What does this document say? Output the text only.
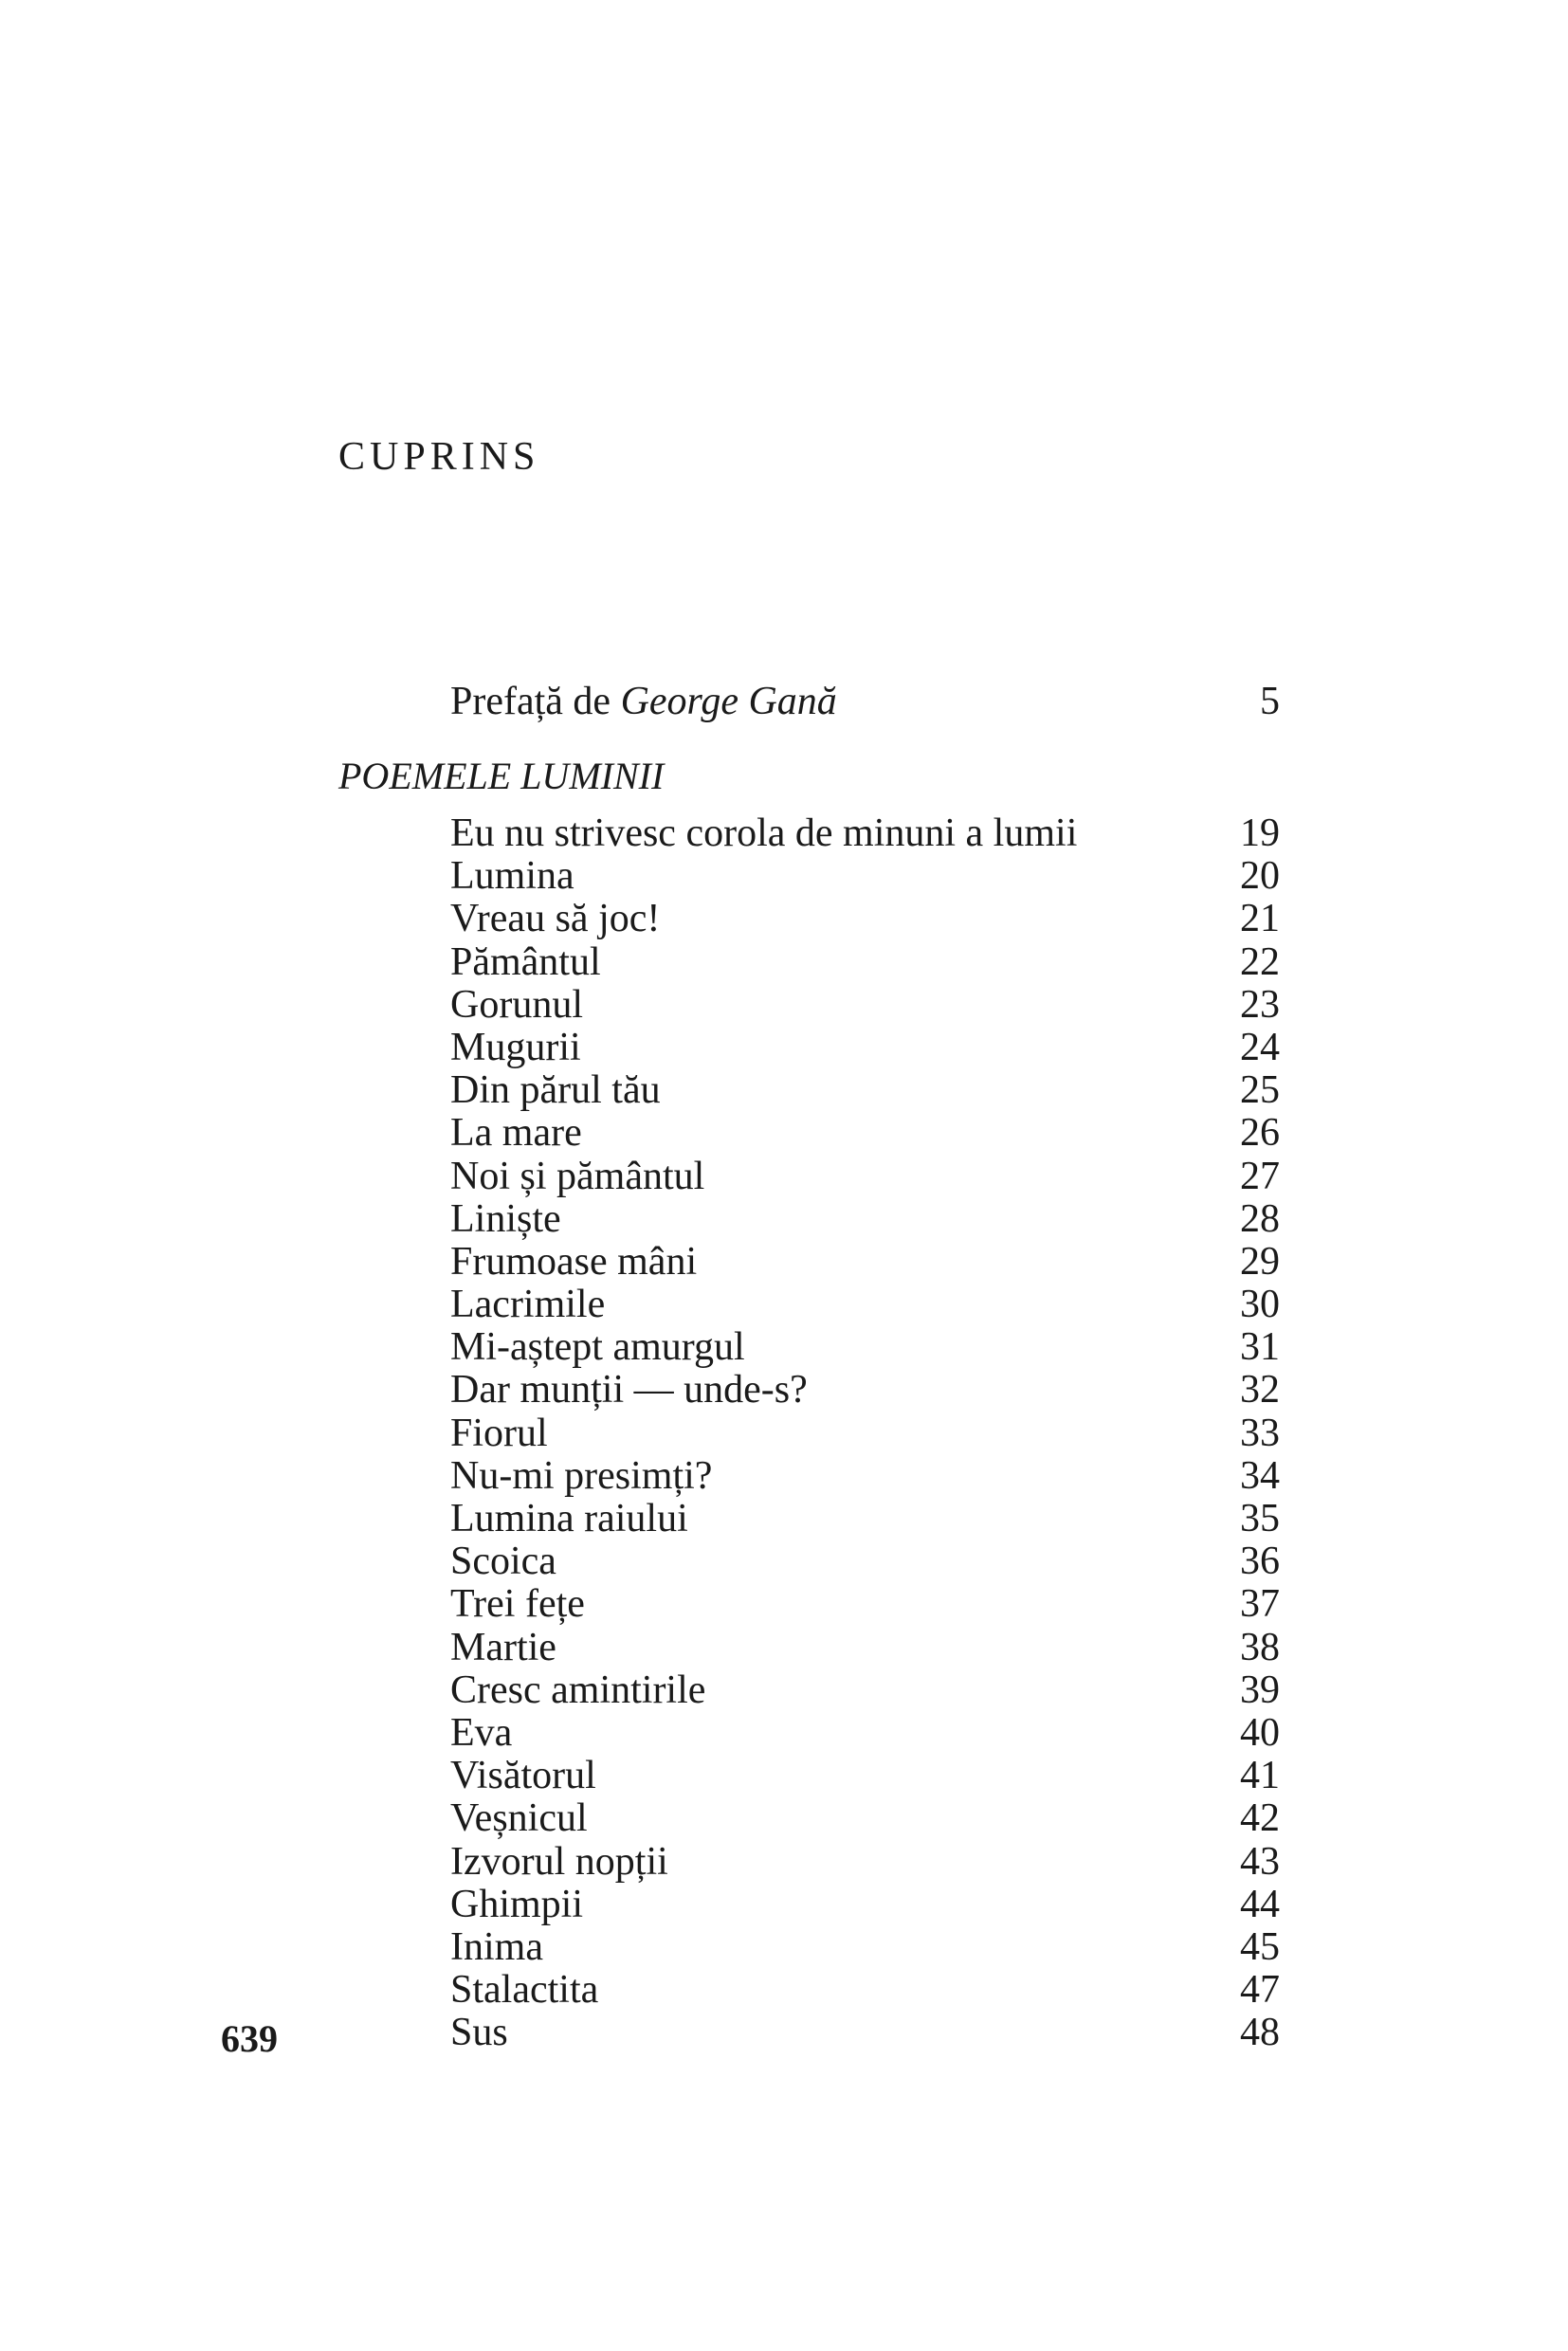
CUPRINS
Prefață de George Gană	5
POEMELE LUMINII
Eu nu strivesc corola de minuni a lumii	19
Lumina	20
Vreau să joc!	21
Pământul	22
Gorunul	23
Mugurii	24
Din părul tău	25
La mare	26
Noi și pământul	27
Liniște	28
Frumoase mâni	29
Lacrimile	30
Mi-aștept amurgul	31
Dar munții — unde-s?	32
Fiorul	33
Nu-mi presimți?	34
Lumina raiului	35
Scoica	36
Trei fețe	37
Martie	38
Cresc amintirile	39
Eva	40
Visătorul	41
Veșnicul	42
Izvorul nopții	43
Ghimpii	44
Inima	45
Stalactita	47
Sus	48
639
